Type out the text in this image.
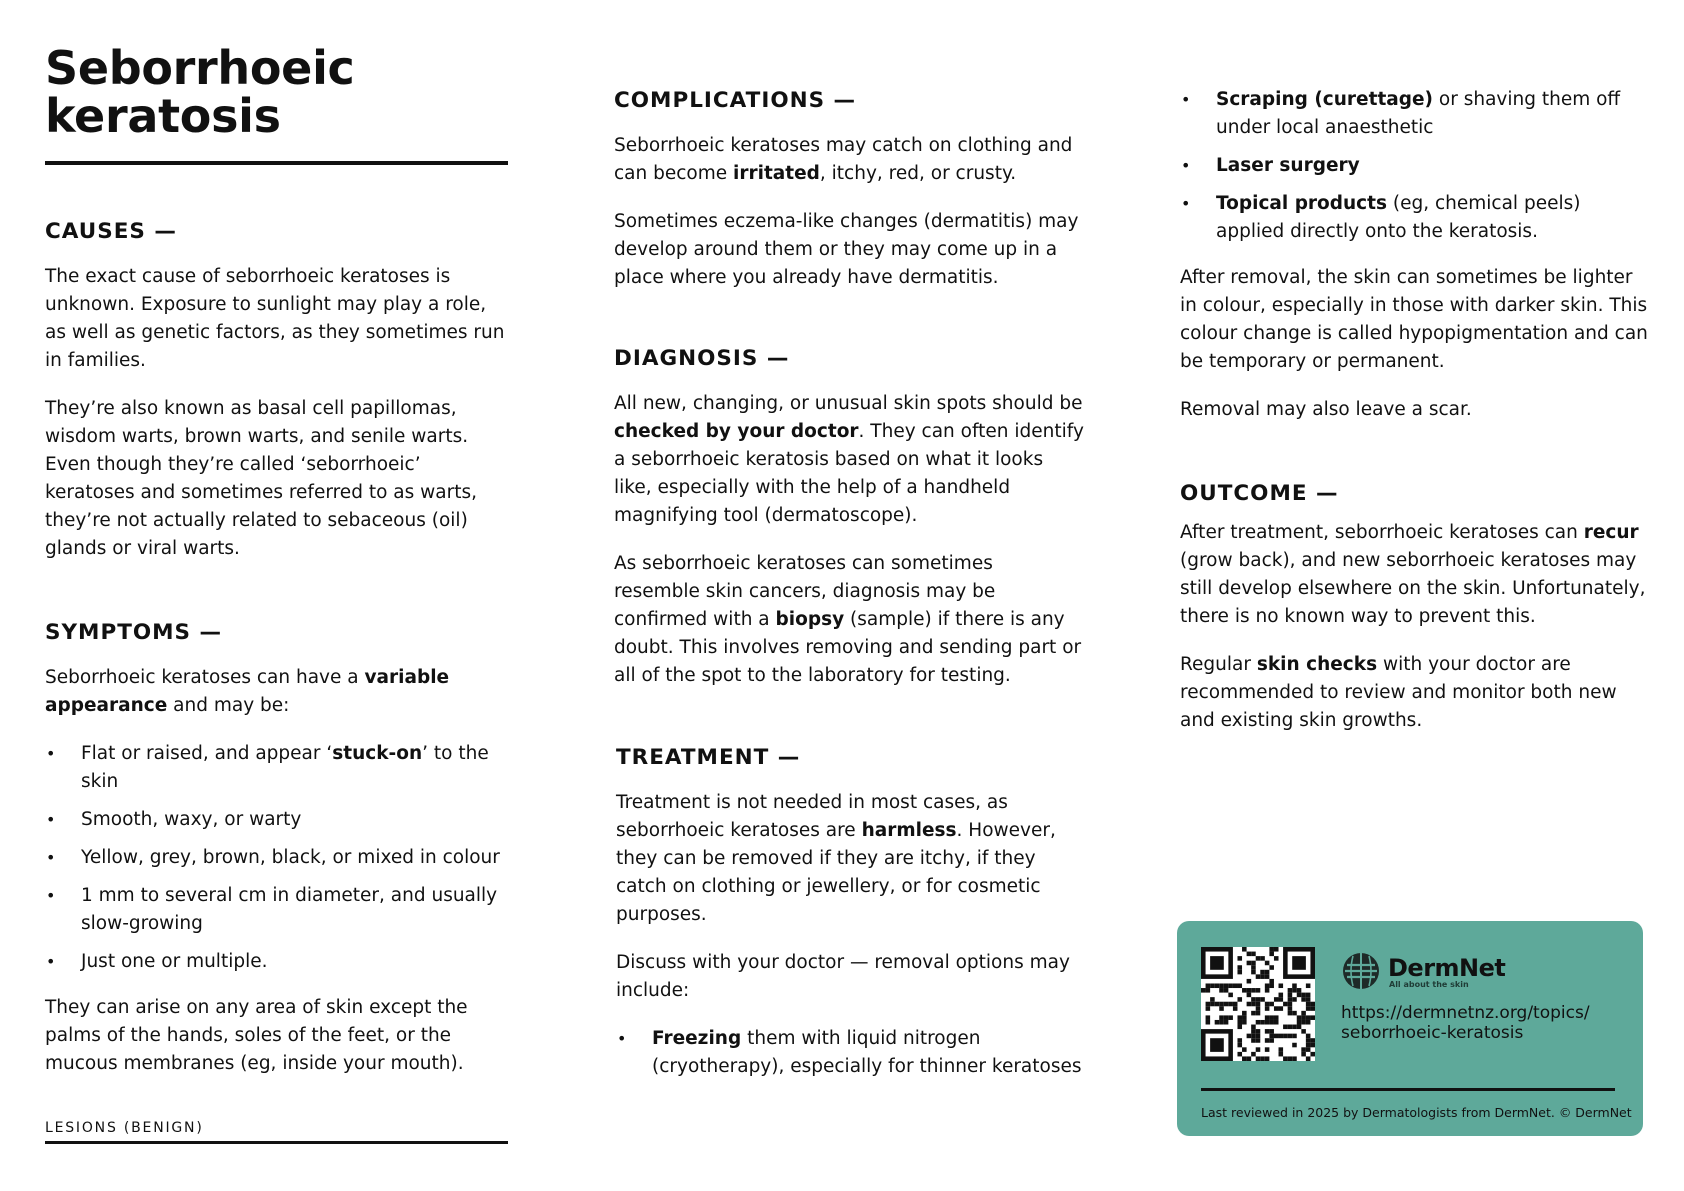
Seborrhoeic keratosis
CAUSES —

The exact cause of seborrhoeic keratoses is unknown. Exposure to sunlight may play a role, as well as genetic factors, as they sometimes run in families.

They’re also known as basal cell papillomas, wisdom warts, brown warts, and senile warts. Even though they’re called ‘seborrhoeic’ keratoses and sometimes referred to as warts, they’re not actually related to sebaceous (oil) glands or viral warts.

SYMPTOMS —

Seborrhoeic keratoses can have a variable appearance and may be:

• Flat or raised, and appear ‘stuck-on’ to the skin
• Smooth, waxy, or warty
• Yellow, grey, brown, black, or mixed in colour
• 1 mm to several cm in diameter, and usually slow-growing
• Just one or multiple.

They can arise on any area of skin except the palms of the hands, soles of the feet, or the mucous membranes (eg, inside your mouth).

LESIONS (BENIGN)
COMPLICATIONS —

Seborrhoeic keratoses may catch on clothing and can become irritated, itchy, red, or crusty.

Sometimes eczema-like changes (dermatitis) may develop around them or they may come up in a place where you already have dermatitis.

DIAGNOSIS —

All new, changing, or unusual skin spots should be checked by your doctor. They can often identify a seborrhoeic keratosis based on what it looks like, especially with the help of a handheld magnifying tool (dermatoscope).

As seborrhoeic keratoses can sometimes resemble skin cancers, diagnosis may be confirmed with a biopsy (sample) if there is any doubt. This involves removing and sending part or all of the spot to the laboratory for testing.

TREATMENT —

Treatment is not needed in most cases, as seborrhoeic keratoses are harmless. However, they can be removed if they are itchy, if they catch on clothing or jewellery, or for cosmetic purposes.

Discuss with your doctor — removal options may include:

• Freezing them with liquid nitrogen (cryotherapy), especially for thinner keratoses
• Scraping (curettage) or shaving them off under local anaesthetic
• Laser surgery
• Topical products (eg, chemical peels) applied directly onto the keratosis.

After removal, the skin can sometimes be lighter in colour, especially in those with darker skin. This colour change is called hypopigmentation and can be temporary or permanent.

Removal may also leave a scar.

OUTCOME —

After treatment, seborrhoeic keratoses can recur (grow back), and new seborrhoeic keratoses may still develop elsewhere on the skin. Unfortunately, there is no known way to prevent this.

Regular skin checks with your doctor are recommended to review and monitor both new and existing skin growths.

DermNet
All about the skin
https://dermnetnz.org/topics/ seborrhoeic-keratosis
Last reviewed in 2025 by Dermatologists from DermNet. © DermNet
